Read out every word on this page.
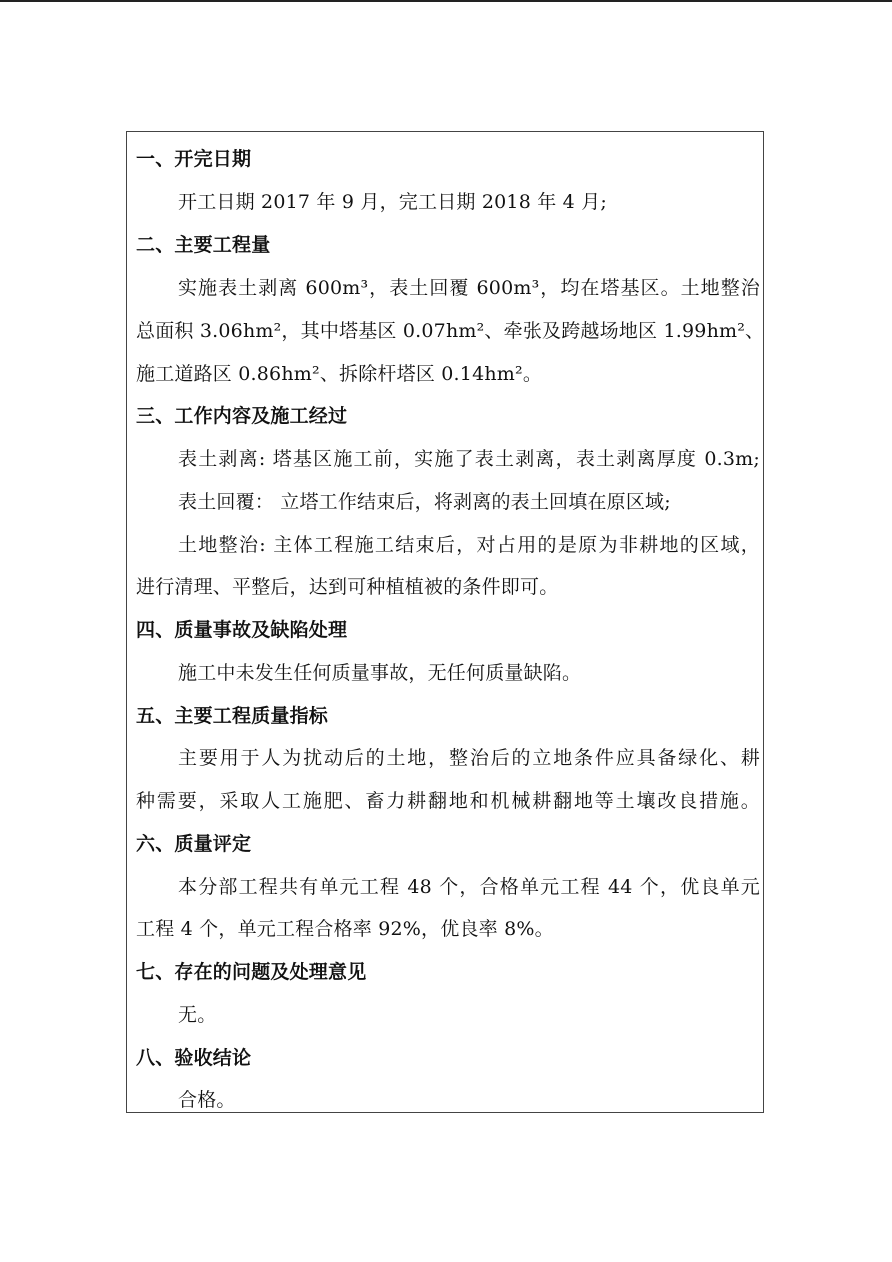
一、开完日期
开工日期 2017 年 9 月，完工日期 2018 年 4 月;
二、主要工程量
实施表土剥离 600m³，表土回覆 600m³，均在塔基区。土地整治
总面积 3.06hm²，其中塔基区 0.07hm²、牵张及跨越场地区 1.99hm²、
施工道路区 0.86hm²、拆除杆塔区 0.14hm²。
三、工作内容及施工经过
表土剥离: 塔基区施工前，实施了表土剥离，表土剥离厚度 0.3m;
表土回覆： 立塔工作结束后，将剥离的表土回填在原区域;
土地整治: 主体工程施工结束后，对占用的是原为非耕地的区域，
进行清理、平整后，达到可种植植被的条件即可。
四、质量事故及缺陷处理
施工中未发生任何质量事故，无任何质量缺陷。
五、主要工程质量指标
主要用于人为扰动后的土地，整治后的立地条件应具备绿化、耕
种需要，采取人工施肥、畜力耕翻地和机械耕翻地等土壤改良措施。
六、质量评定
本分部工程共有单元工程 48 个，合格单元工程 44 个，优良单元
工程 4 个，单元工程合格率 92%，优良率 8%。
七、存在的问题及处理意见
无。
八、验收结论
合格。
